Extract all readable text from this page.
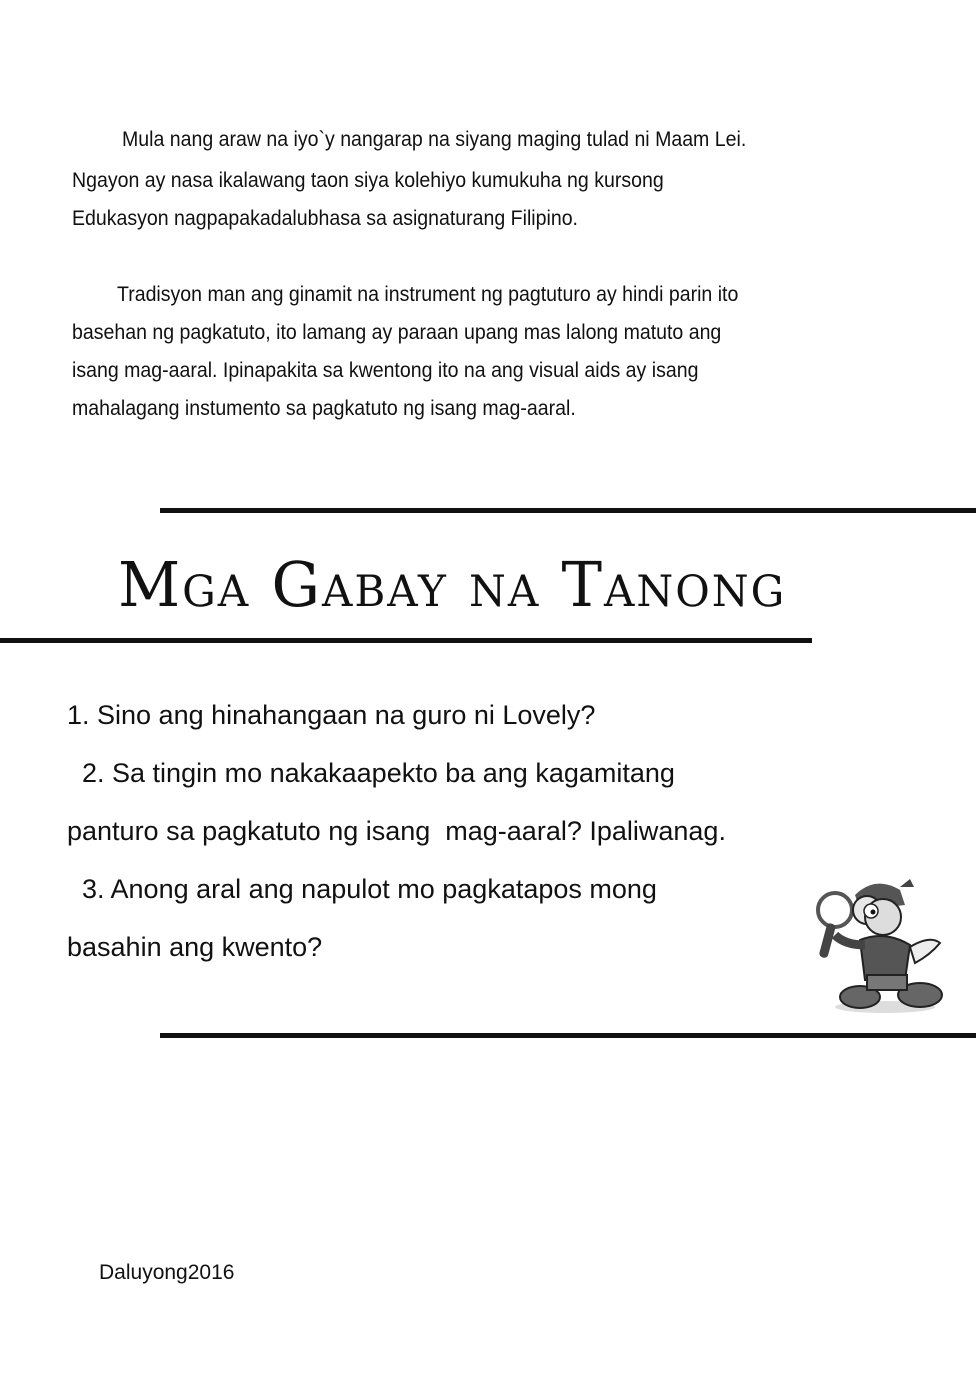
Mula nang araw na iyo`y nangarap na siyang maging tulad ni Maam Lei.
Ngayon ay nasa ikalawang taon siya kolehiyo kumukuha ng kursong
Edukasyon nagpapakadalubhasa sa asignaturang Filipino.
Tradisyon man ang ginamit na instrument ng pagtuturo ay hindi parin ito
basehan ng pagkatuto, ito lamang ay paraan upang mas lalong matuto ang
isang mag-aaral. Ipinapakita sa kwentong ito na ang visual aids ay isang
mahalagang instumento sa pagkatuto ng isang mag-aaral.
Mga Gabay na Tanong
1. Sino ang hinahangaan na guro ni Lovely?
2. Sa tingin mo nakakaapekto ba ang kagamitang
panturo sa pagkatuto ng isang  mag-aaral? Ipaliwanag.
3. Anong aral ang napulot mo pagkatapos mong
basahin ang kwento?
Daluyong2016
